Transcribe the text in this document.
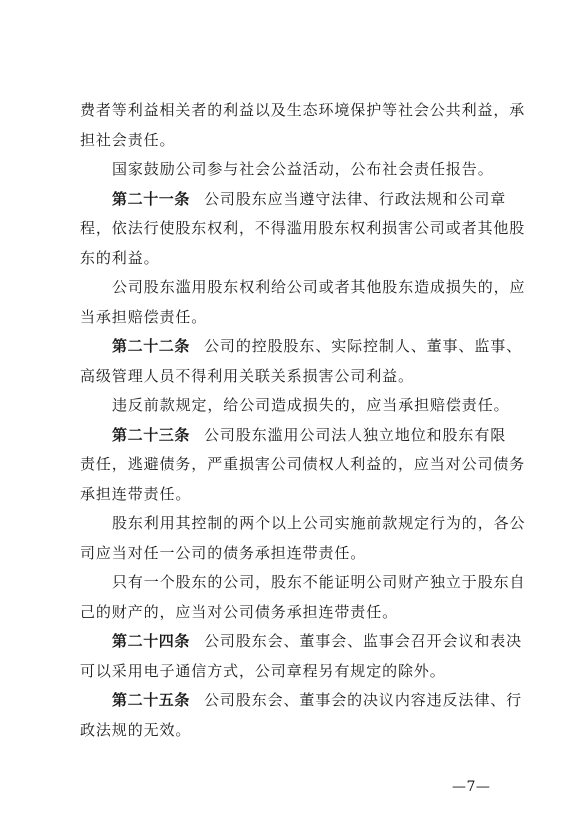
费者等利益相关者的利益以及生态环境保护等社会公共利益，承
担社会责任。
国家鼓励公司参与社会公益活动，公布社会责任报告。
第二十一条 公司股东应当遵守法律、行政法规和公司章
程，依法行使股东权利，不得滥用股东权利损害公司或者其他股
东的利益。
公司股东滥用股东权利给公司或者其他股东造成损失的，应
当承担赔偿责任。
第二十二条 公司的控股股东、实际控制人、董事、监事、
高级管理人员不得利用关联关系损害公司利益。
违反前款规定，给公司造成损失的，应当承担赔偿责任。
第二十三条 公司股东滥用公司法人独立地位和股东有限
责任，逃避债务，严重损害公司债权人利益的，应当对公司债务
承担连带责任。
股东利用其控制的两个以上公司实施前款规定行为的，各公
司应当对任一公司的债务承担连带责任。
只有一个股东的公司，股东不能证明公司财产独立于股东自
己的财产的，应当对公司债务承担连带责任。
第二十四条 公司股东会、董事会、监事会召开会议和表决
可以采用电子通信方式，公司章程另有规定的除外。
—7—
第二十五条 公司股东会、董事会的决议内容违反法律、行
政法规的无效。
